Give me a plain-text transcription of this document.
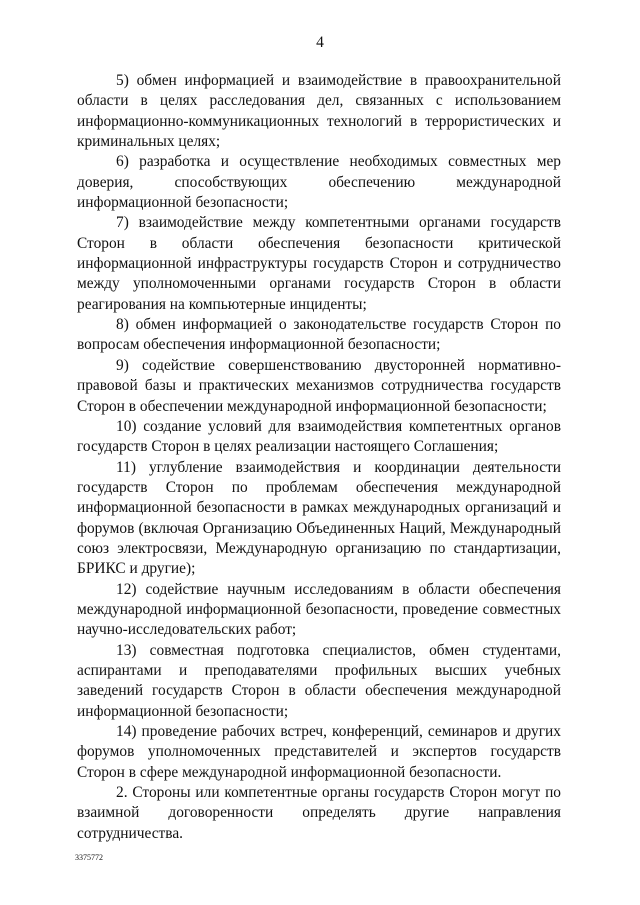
4

5) обмен информацией и взаимодействие в правоохранительной области в целях расследования дел, связанных с использованием информационно-коммуникационных технологий в террористических и криминальных целях;

6) разработка и осуществление необходимых совместных мер доверия, способствующих обеспечению международной информационной безопасности;

7) взаимодействие между компетентными органами государств Сторон в области обеспечения безопасности критической информационной инфраструктуры государств Сторон и сотрудничество между уполномоченными органами государств Сторон в области реагирования на компьютерные инциденты;

8) обмен информацией о законодательстве государств Сторон по вопросам обеспечения информационной безопасности;

9) содействие совершенствованию двусторонней нормативно-правовой базы и практических механизмов сотрудничества государств Сторон в обеспечении международной информационной безопасности;

10) создание условий для взаимодействия компетентных органов государств Сторон в целях реализации настоящего Соглашения;

11) углубление взаимодействия и координации деятельности государств Сторон по проблемам обеспечения международной информационной безопасности в рамках международных организаций и форумов (включая Организацию Объединенных Наций, Международный союз электросвязи, Международную организацию по стандартизации, БРИКС и другие);

12) содействие научным исследованиям в области обеспечения международной информационной безопасности, проведение совместных научно-исследовательских работ;

13) совместная подготовка специалистов, обмен студентами, аспирантами и преподавателями профильных высших учебных заведений государств Сторон в области обеспечения международной информационной безопасности;

14) проведение рабочих встреч, конференций, семинаров и других форумов уполномоченных представителей и экспертов государств Сторон в сфере международной информационной безопасности.

2. Стороны или компетентные органы государств Сторон могут по взаимной договоренности определять другие направления сотрудничества.

3375772
